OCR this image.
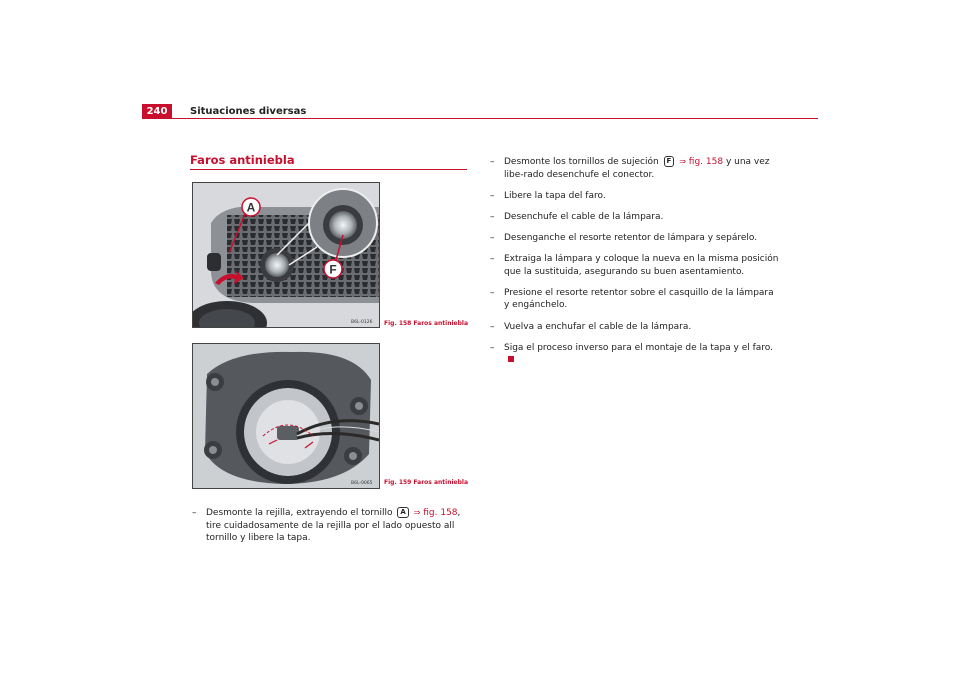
240	Situaciones diversas
Faros antiniebla
A
F
B6L-0126 Fig. 158 Faros antiniebla
B6L-0065 Fig. 159 Faros antiniebla
– Desmonte la rejilla, extrayendo el tornillo A ⇒ fig. 158, tire cuidadosamente de la rejilla por el lado opuesto all tornillo y libere la tapa.
– Desmonte los tornillos de sujeción F ⇒ fig. 158 y una vez libe-rado desenchufe el conector.
– Libere la tapa del faro.
– Desenchufe el cable de la lámpara.
– Desenganche el resorte retentor de lámpara y sepárelo.
– Extraiga la lámpara y coloque la nueva en la misma posición que la sustituida, asegurando su buen asentamiento.
– Presione el resorte retentor sobre el casquillo de la lámpara y engánchelo.
– Vuelva a enchufar el cable de la lámpara.
– Siga el proceso inverso para el montaje de la tapa y el faro.
